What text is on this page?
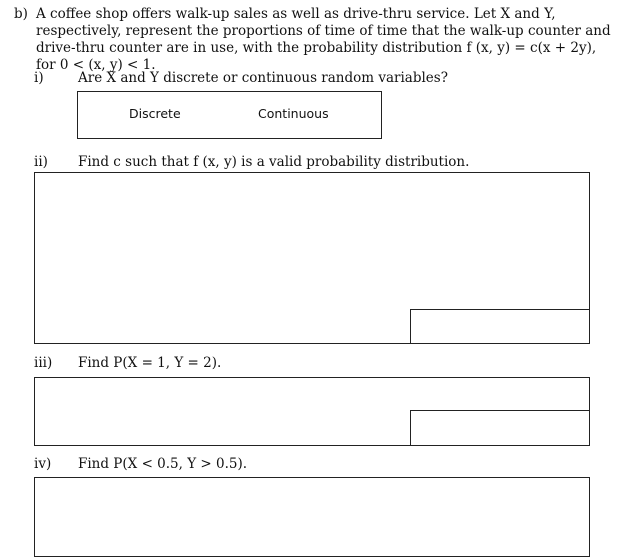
b) A coffee shop offers walk-up sales as well as drive-thru service. Let X and Y, respectively, represent the proportions of time of time that the walk-up counter and drive-thru counter are in use, with the probability distribution f (x, y) = c(x + 2y), for 0 < (x, y) < 1.
i)	Are X and Y discrete or continuous random variables?
Discrete	Continuous
ii) Find c such that f (x, y) is a valid probability distribution.
iii) Find P(X = 1, Y = 2).
iv) Find P(X < 0.5, Y > 0.5).
